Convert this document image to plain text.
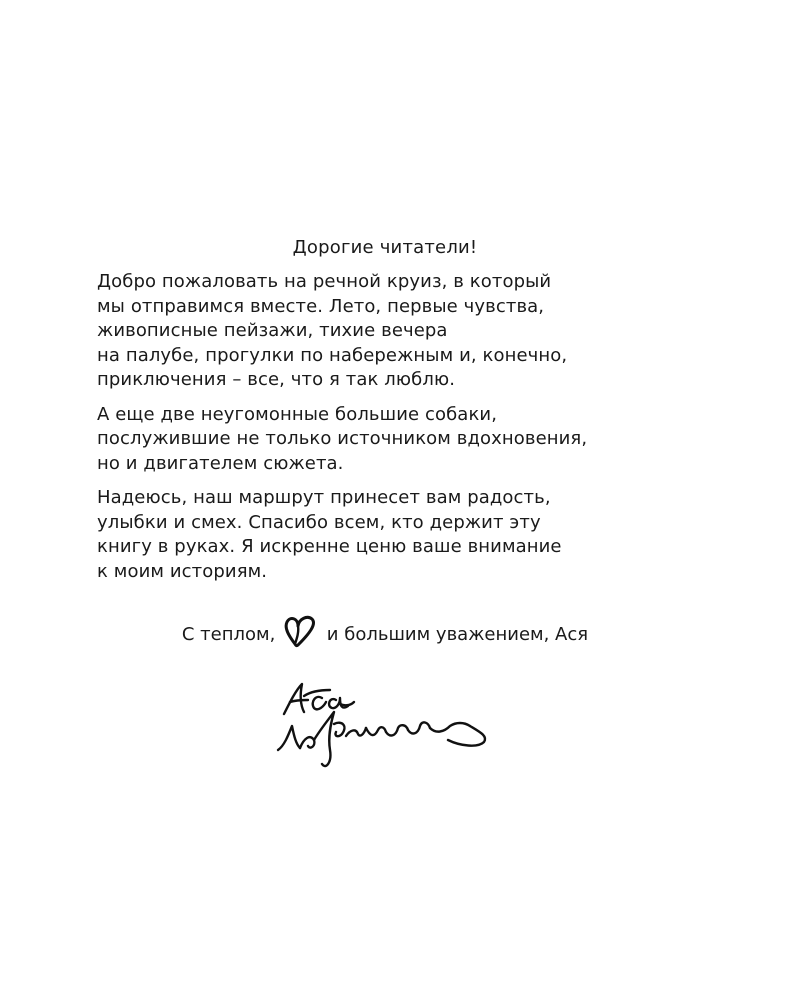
Дорогие читатели!

Добро пожаловать на речной круиз, в который
мы отправимся вместе. Лето, первые чувства,
живописные пейзажи, тихие вечера
на палубе, прогулки по набережным и, конечно,
приключения – все, что я так люблю.

А еще две неугомонные большие собаки,
послужившие не только источником вдохновения,
но и двигателем сюжета.

Надеюсь, наш маршрут принесет вам радость,
улыбки и смех. Спасибо всем, кто держит эту
книгу в руках. Я искренне ценю ваше внимание
к моим историям.

С теплом,	и большим уважением, Ася
